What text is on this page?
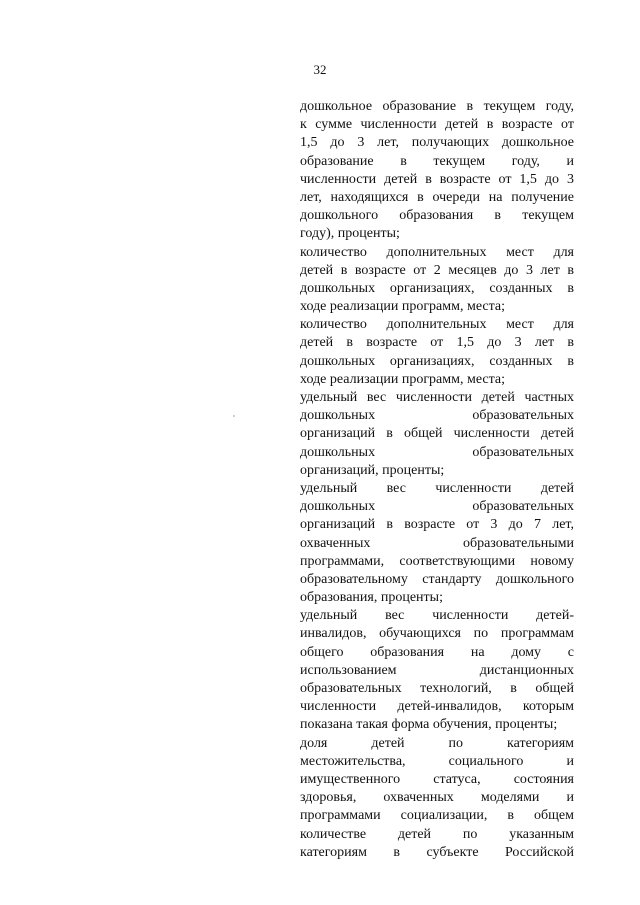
32
дошкольное образование в текущем году,
к сумме численности детей в возрасте от
1,5 до 3 лет, получающих дошкольное
образование в текущем году, и
численности детей в возрасте от 1,5 до 3
лет, находящихся в очереди на получение
дошкольного образования в текущем
году), проценты;
количество дополнительных мест для
детей в возрасте от 2 месяцев до 3 лет в
дошкольных организациях, созданных в
ходе реализации программ, места;
количество дополнительных мест для
детей в возрасте от 1,5 до 3 лет в
дошкольных организациях, созданных в
ходе реализации программ, места;
удельный вес численности детей частных
дошкольных образовательных
организаций в общей численности детей
дошкольных образовательных
организаций, проценты;
удельный вес численности детей
дошкольных образовательных
организаций в возрасте от 3 до 7 лет,
охваченных образовательными
программами, соответствующими новому
образовательному стандарту дошкольного
образования, проценты;
удельный вес численности детей-
инвалидов, обучающихся по программам
общего образования на дому с
использованием дистанционных
образовательных технологий, в общей
численности детей-инвалидов, которым
показана такая форма обучения, проценты;
доля детей по категориям
местожительства, социального и
имущественного статуса, состояния
здоровья, охваченных моделями и
программами социализации, в общем
количестве детей по указанным
категориям в субъекте Российской
